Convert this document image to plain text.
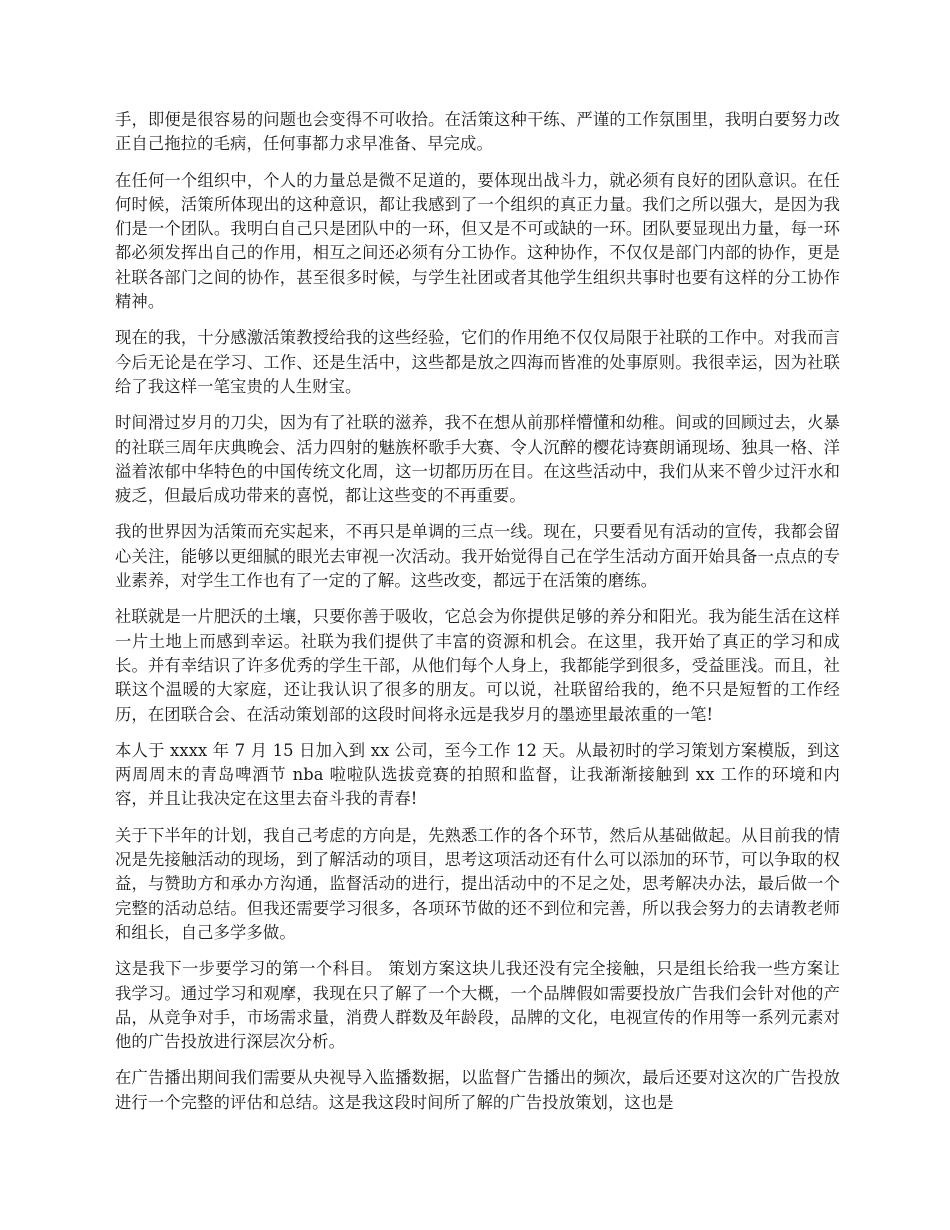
手，即便是很容易的问题也会变得不可收拾。在活策这种干练、严谨的工作氛围里，我明白要努力改正自己拖拉的毛病，任何事都力求早准备、早完成。

在任何一个组织中，个人的力量总是微不足道的，要体现出战斗力，就必须有良好的团队意识。在任何时候，活策所体现出的这种意识，都让我感到了一个组织的真正力量。我们之所以强大，是因为我们是一个团队。我明白自己只是团队中的一环，但又是不可或缺的一环。团队要显现出力量，每一环都必须发挥出自己的作用，相互之间还必须有分工协作。这种协作，不仅仅是部门内部的协作，更是社联各部门之间的协作，甚至很多时候，与学生社团或者其他学生组织共事时也要有这样的分工协作精神。

现在的我，十分感激活策教授给我的这些经验，它们的作用绝不仅仅局限于社联的工作中。对我而言今后无论是在学习、工作、还是生活中，这些都是放之四海而皆准的处事原则。我很幸运，因为社联给了我这样一笔宝贵的人生财宝。

时间滑过岁月的刀尖，因为有了社联的滋养，我不在想从前那样懵懂和幼稚。间或的回顾过去，火暴的社联三周年庆典晚会、活力四射的魅族杯歌手大赛、令人沉醉的樱花诗赛朗诵现场、独具一格、洋溢着浓郁中华特色的中国传统文化周，这一切都历历在目。在这些活动中，我们从来不曾少过汗水和疲乏，但最后成功带来的喜悦，都让这些变的不再重要。

我的世界因为活策而充实起来，不再只是单调的三点一线。现在，只要看见有活动的宣传，我都会留心关注，能够以更细腻的眼光去审视一次活动。我开始觉得自己在学生活动方面开始具备一点点的专业素养，对学生工作也有了一定的了解。这些改变，都远于在活策的磨练。

社联就是一片肥沃的土壤，只要你善于吸收，它总会为你提供足够的养分和阳光。我为能生活在这样一片土地上而感到幸运。社联为我们提供了丰富的资源和机会。在这里，我开始了真正的学习和成长。并有幸结识了许多优秀的学生干部，从他们每个人身上，我都能学到很多，受益匪浅。而且，社联这个温暖的大家庭，还让我认识了很多的朋友。可以说，社联留给我的，绝不只是短暂的工作经历，在团联合会、在活动策划部的这段时间将永远是我岁月的墨迹里最浓重的一笔!

本人于 xxxx 年 7 月 15 日加入到 xx 公司，至今工作 12 天。从最初时的学习策划方案模版，到这两周周末的青岛啤酒节 nba 啦啦队选拔竞赛的拍照和监督，让我渐渐接触到 xx 工作的环境和内容，并且让我决定在这里去奋斗我的青春!

关于下半年的计划，我自己考虑的方向是，先熟悉工作的各个环节，然后从基础做起。从目前我的情况是先接触活动的现场，到了解活动的项目，思考这项活动还有什么可以添加的环节，可以争取的权益，与赞助方和承办方沟通，监督活动的进行，提出活动中的不足之处，思考解决办法，最后做一个完整的活动总结。但我还需要学习很多，各项环节做的还不到位和完善，所以我会努力的去请教老师和组长，自己多学多做。

这是我下一步要学习的第一个科目。 策划方案这块儿我还没有完全接触，只是组长给我一些方案让我学习。通过学习和观摩，我现在只了解了一个大概，一个品牌假如需要投放广告我们会针对他的产品，从竞争对手，市场需求量，消费人群数及年龄段，品牌的文化，电视宣传的作用等一系列元素对他的广告投放进行深层次分析。

在广告播出期间我们需要从央视导入监播数据，以监督广告播出的频次，最后还要对这次的广告投放进行一个完整的评估和总结。这是我这段时间所了解的广告投放策划，这也是
